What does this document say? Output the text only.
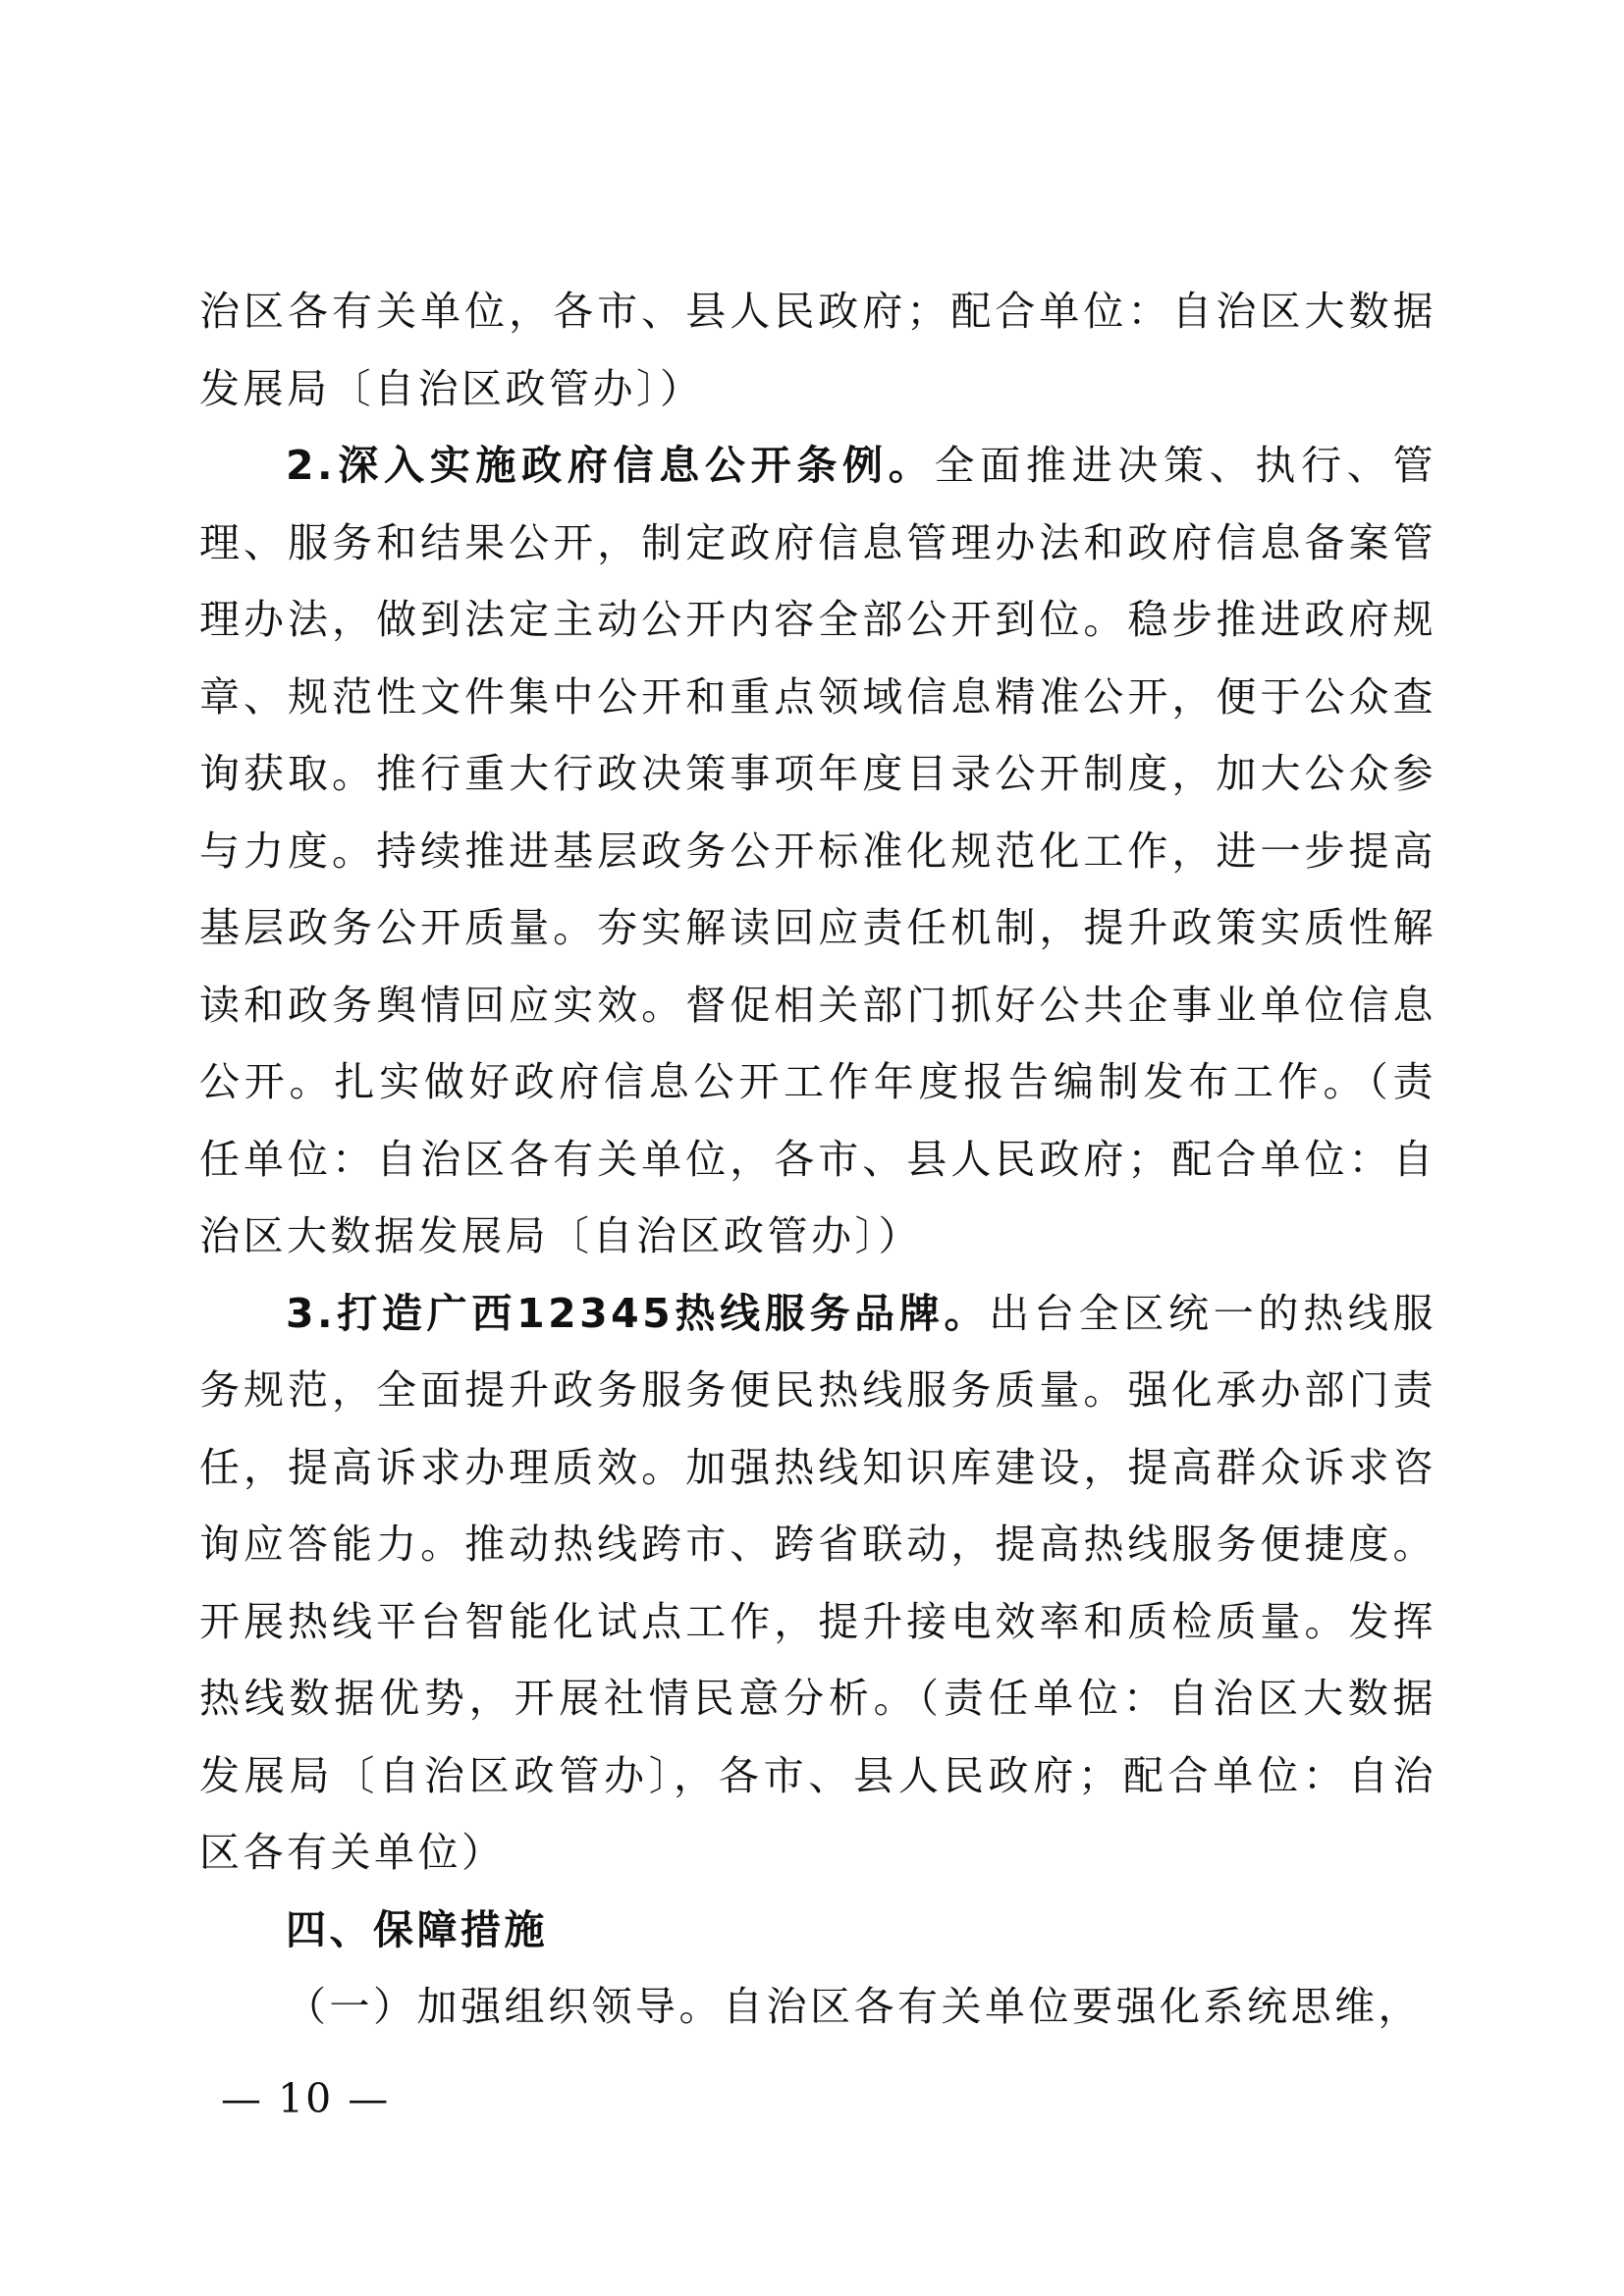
治区各有关单位，各市、县人民政府；配合单位：自治区大数据发展局〔自治区政管办〕）

2.深入实施政府信息公开条例。全面推进决策、执行、管理、服务和结果公开，制定政府信息管理办法和政府信息备案管理办法，做到法定主动公开内容全部公开到位。稳步推进政府规章、规范性文件集中公开和重点领域信息精准公开，便于公众查询获取。推行重大行政决策事项年度目录公开制度，加大公众参与力度。持续推进基层政务公开标准化规范化工作，进一步提高基层政务公开质量。夯实解读回应责任机制，提升政策实质性解读和政务舆情回应实效。督促相关部门抓好公共企事业单位信息公开。扎实做好政府信息公开工作年度报告编制发布工作。（责任单位：自治区各有关单位，各市、县人民政府；配合单位：自治区大数据发展局〔自治区政管办〕）

3.打造广西12345热线服务品牌。出台全区统一的热线服务规范，全面提升政务服务便民热线服务质量。强化承办部门责任，提高诉求办理质效。加强热线知识库建设，提高群众诉求咨询应答能力。推动热线跨市、跨省联动，提高热线服务便捷度。开展热线平台智能化试点工作，提升接电效率和质检质量。发挥热线数据优势，开展社情民意分析。（责任单位：自治区大数据发展局〔自治区政管办〕，各市、县人民政府；配合单位：自治区各有关单位）

四、保障措施

（一）加强组织领导。自治区各有关单位要强化系统思维，

— 10 —
